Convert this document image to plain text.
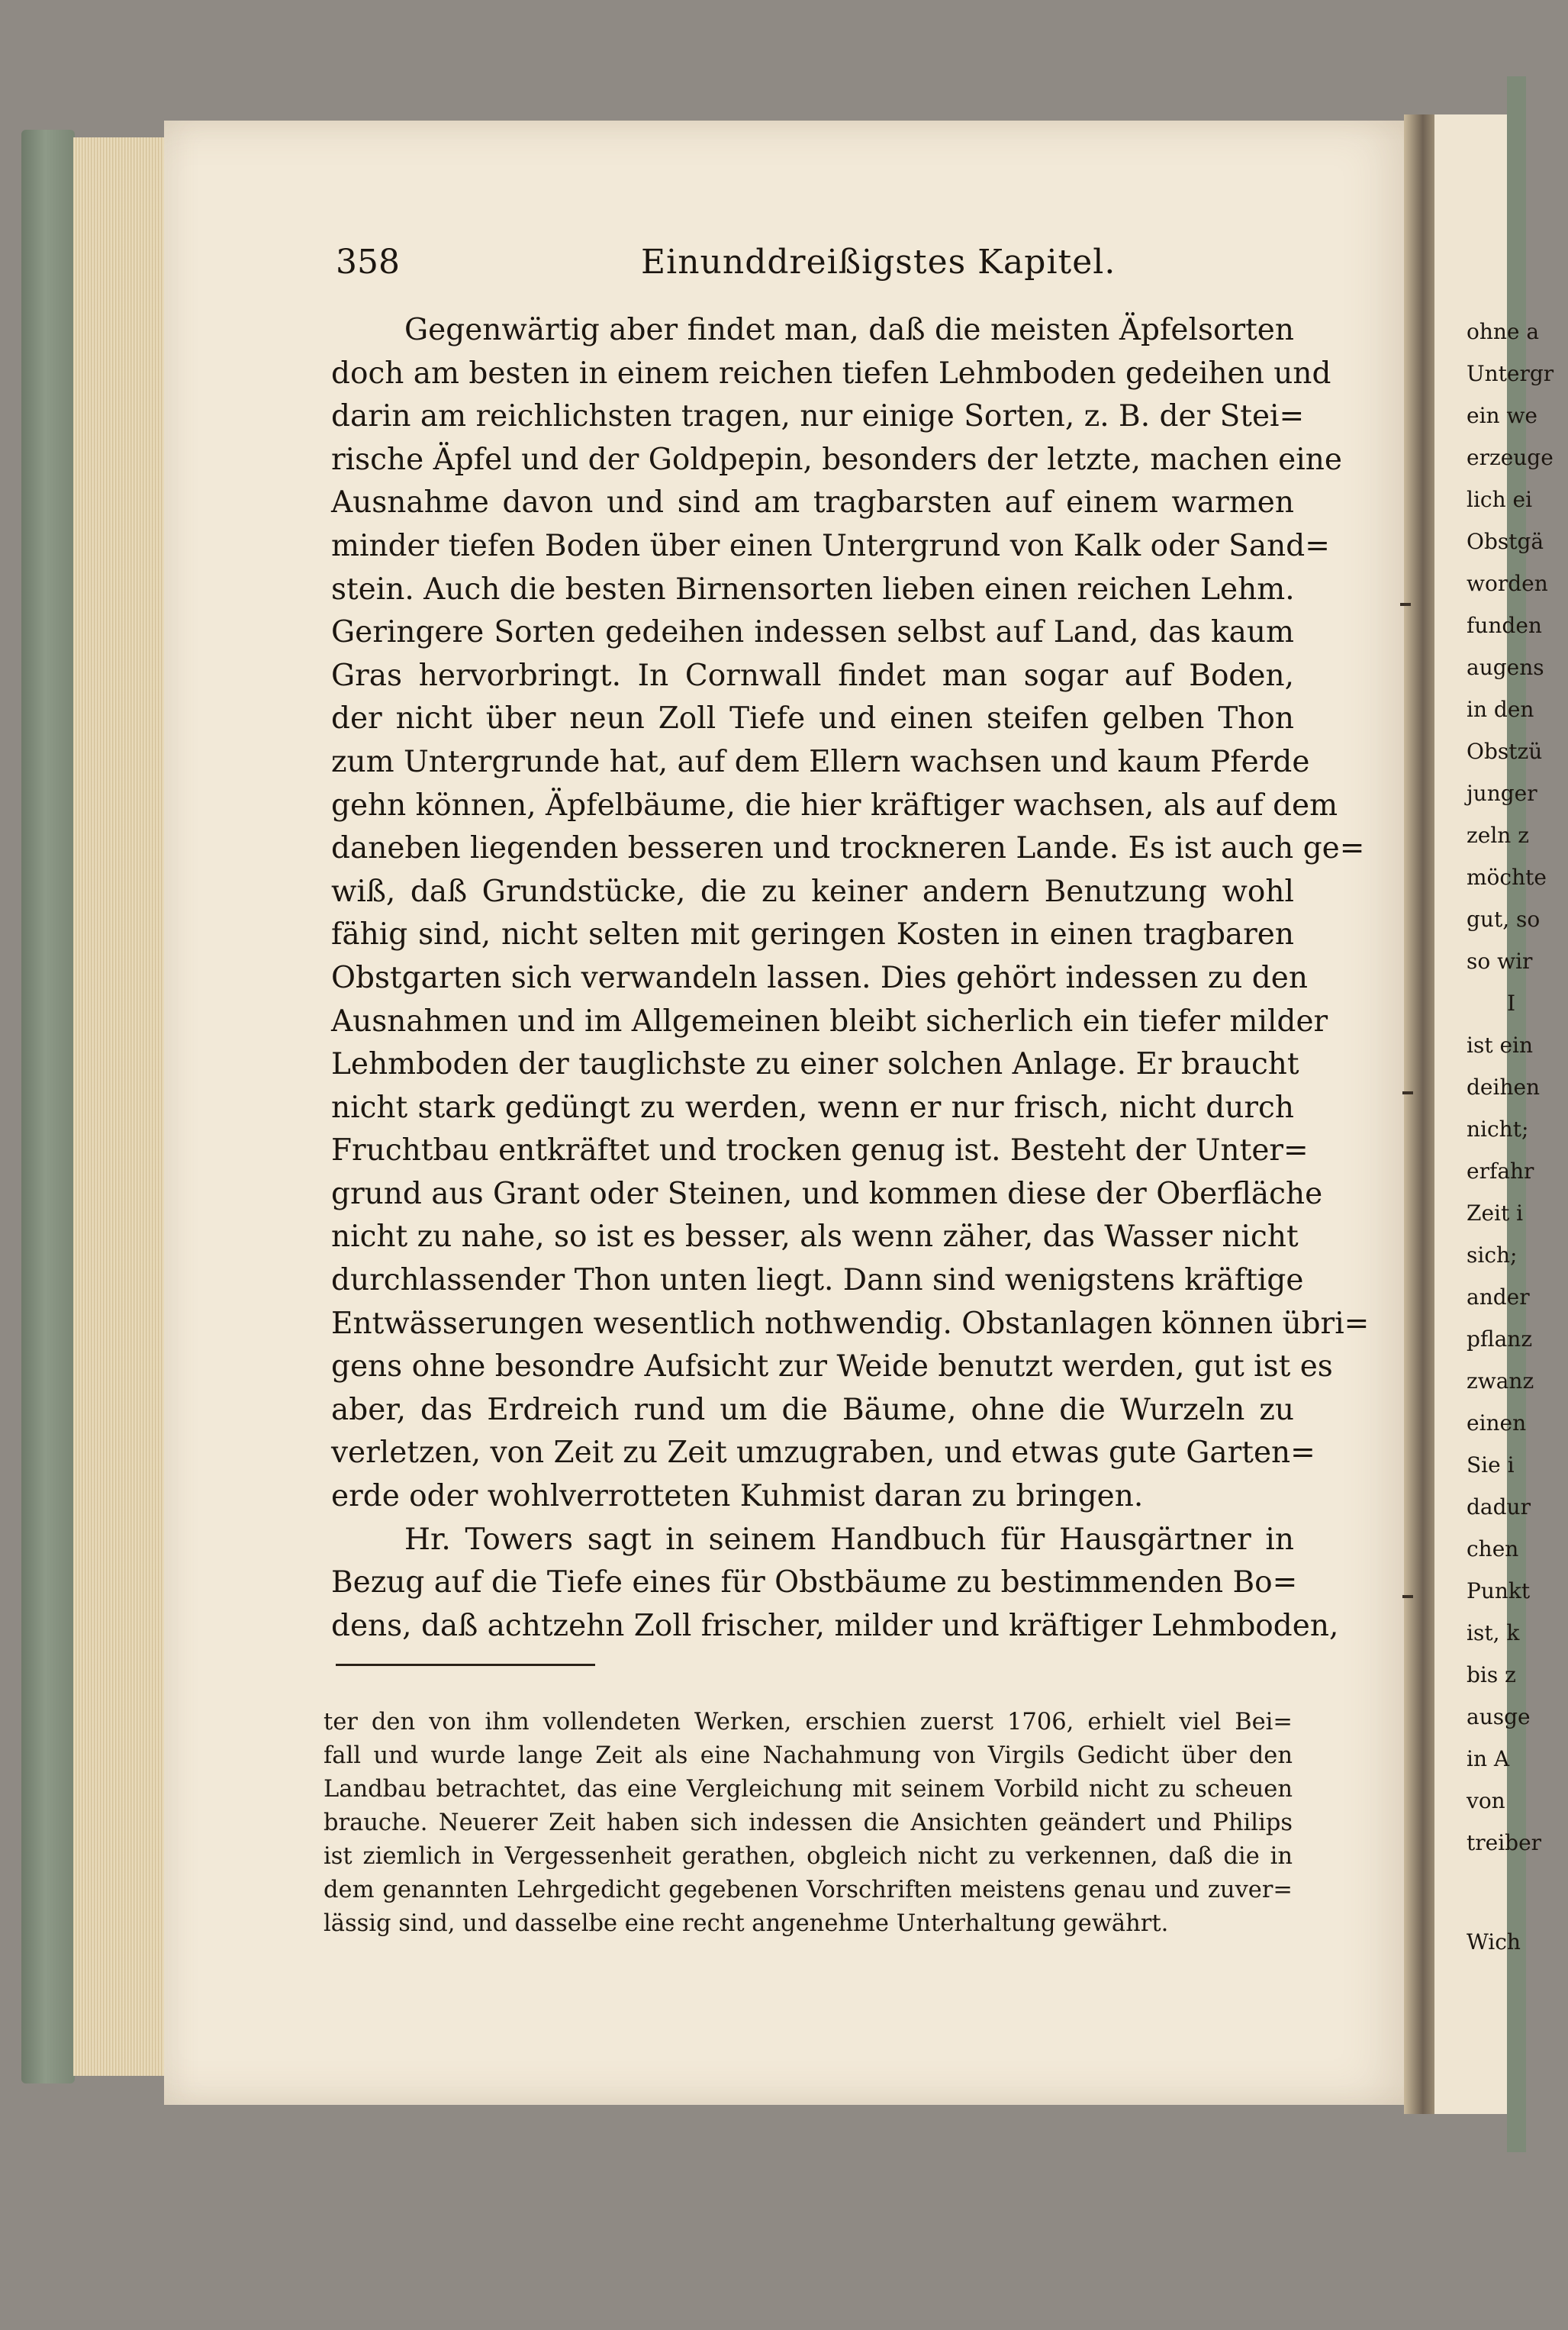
358	Einunddreißigstes Kapitel.
Gegenwärtig aber findet man, daß die meisten Äpfelsorten
doch am besten in einem reichen tiefen Lehmboden gedeihen und
darin am reichlichsten tragen, nur einige Sorten, z. B. der Stei=
rische Äpfel und der Goldpepin, besonders der letzte, machen eine
Ausnahme davon und sind am tragbarsten auf einem warmen
minder tiefen Boden über einen Untergrund von Kalk oder Sand=
stein. Auch die besten Birnensorten lieben einen reichen Lehm.
Geringere Sorten gedeihen indessen selbst auf Land, das kaum
Gras hervorbringt. In Cornwall findet man sogar auf Boden,
der nicht über neun Zoll Tiefe und einen steifen gelben Thon
zum Untergrunde hat, auf dem Ellern wachsen und kaum Pferde
gehn können, Äpfelbäume, die hier kräftiger wachsen, als auf dem
daneben liegenden besseren und trockneren Lande. Es ist auch ge=
wiß, daß Grundstücke, die zu keiner andern Benutzung wohl
fähig sind, nicht selten mit geringen Kosten in einen tragbaren
Obstgarten sich verwandeln lassen. Dies gehört indessen zu den
Ausnahmen und im Allgemeinen bleibt sicherlich ein tiefer milder
Lehmboden der tauglichste zu einer solchen Anlage. Er braucht
nicht stark gedüngt zu werden, wenn er nur frisch, nicht durch
Fruchtbau entkräftet und trocken genug ist. Besteht der Unter=
grund aus Grant oder Steinen, und kommen diese der Oberfläche
nicht zu nahe, so ist es besser, als wenn zäher, das Wasser nicht
durchlassender Thon unten liegt. Dann sind wenigstens kräftige
Entwässerungen wesentlich nothwendig. Obstanlagen können übri=
gens ohne besondre Aufsicht zur Weide benutzt werden, gut ist es
aber, das Erdreich rund um die Bäume, ohne die Wurzeln zu
verletzen, von Zeit zu Zeit umzugraben, und etwas gute Garten=
erde oder wohlverrotteten Kuhmist daran zu bringen.
Hr. Towers sagt in seinem Handbuch für Hausgärtner in
Bezug auf die Tiefe eines für Obstbäume zu bestimmenden Bo=
dens, daß achtzehn Zoll frischer, milder und kräftiger Lehmboden,
ter den von ihm vollendeten Werken, erschien zuerst 1706, erhielt viel Bei=
fall und wurde lange Zeit als eine Nachahmung von Virgils Gedicht über den
Landbau betrachtet, das eine Vergleichung mit seinem Vorbild nicht zu scheuen
brauche. Neuerer Zeit haben sich indessen die Ansichten geändert und Philips
ist ziemlich in Vergessenheit gerathen, obgleich nicht zu verkennen, daß die in
dem genannten Lehrgedicht gegebenen Vorschriften meistens genau und zuver=
lässig sind, und dasselbe eine recht angenehme Unterhaltung gewährt.
ohne a
Untergr
ein we
erzeuge
lich ei
Obstgä
worden
funden
augens
in den
Obstzü
junger
zeln z
möchte
gut, so
so wir
I
ist ein
deihen
nicht;
erfahr
Zeit i
sich;
ander
pflanz
zwanz
einen
Sie i
dadur
chen
Punkt
ist, k
bis z
ausge
in A
von
treiber
Wich
